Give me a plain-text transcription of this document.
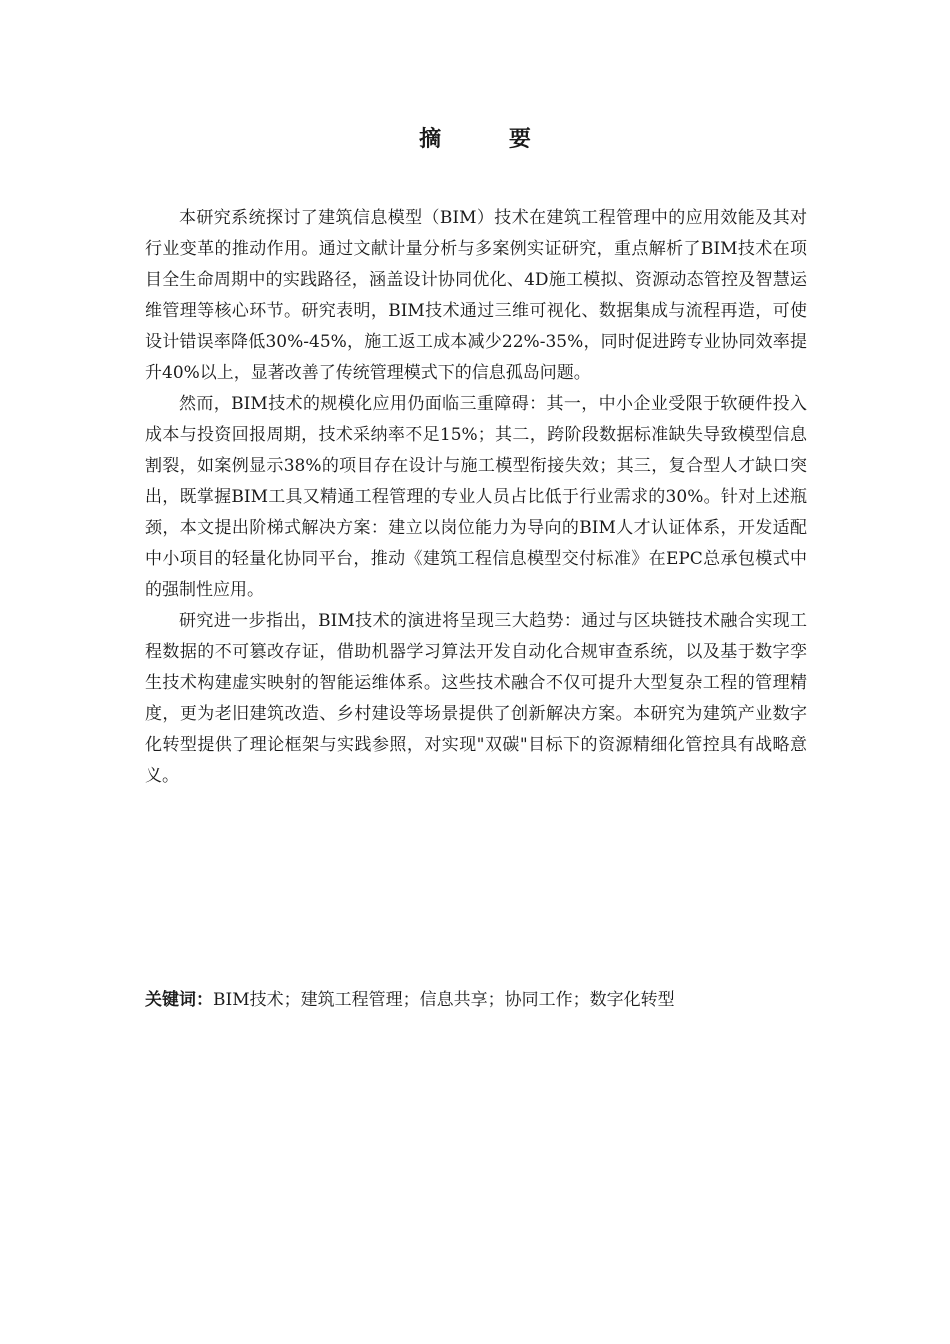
摘 要

本研究系统探讨了建筑信息模型（BIM）技术在建筑工程管理中的应用效能及其对行业变革的推动作用。通过文献计量分析与多案例实证研究，重点解析了BIM技术在项目全生命周期中的实践路径，涵盖设计协同优化、4D施工模拟、资源动态管控及智慧运维管理等核心环节。研究表明，BIM技术通过三维可视化、数据集成与流程再造，可使设计错误率降低30%-45%，施工返工成本减少22%-35%，同时促进跨专业协同效率提升40%以上，显著改善了传统管理模式下的信息孤岛问题。

然而，BIM技术的规模化应用仍面临三重障碍：其一，中小企业受限于软硬件投入成本与投资回报周期，技术采纳率不足15%；其二，跨阶段数据标准缺失导致模型信息割裂，如案例显示38%的项目存在设计与施工模型衔接失效；其三，复合型人才缺口突出，既掌握BIM工具又精通工程管理的专业人员占比低于行业需求的30%。针对上述瓶颈，本文提出阶梯式解决方案：建立以岗位能力为导向的BIM人才认证体系，开发适配中小项目的轻量化协同平台，推动《建筑工程信息模型交付标准》在EPC总承包模式中的强制性应用。

研究进一步指出，BIM技术的演进将呈现三大趋势：通过与区块链技术融合实现工程数据的不可篡改存证，借助机器学习算法开发自动化合规审查系统，以及基于数字孪生技术构建虚实映射的智能运维体系。这些技术融合不仅可提升大型复杂工程的管理精度，更为老旧建筑改造、乡村建设等场景提供了创新解决方案。本研究为建筑产业数字化转型提供了理论框架与实践参照，对实现"双碳"目标下的资源精细化管控具有战略意义。

关键词：BIM技术；建筑工程管理；信息共享；协同工作；数字化转型
